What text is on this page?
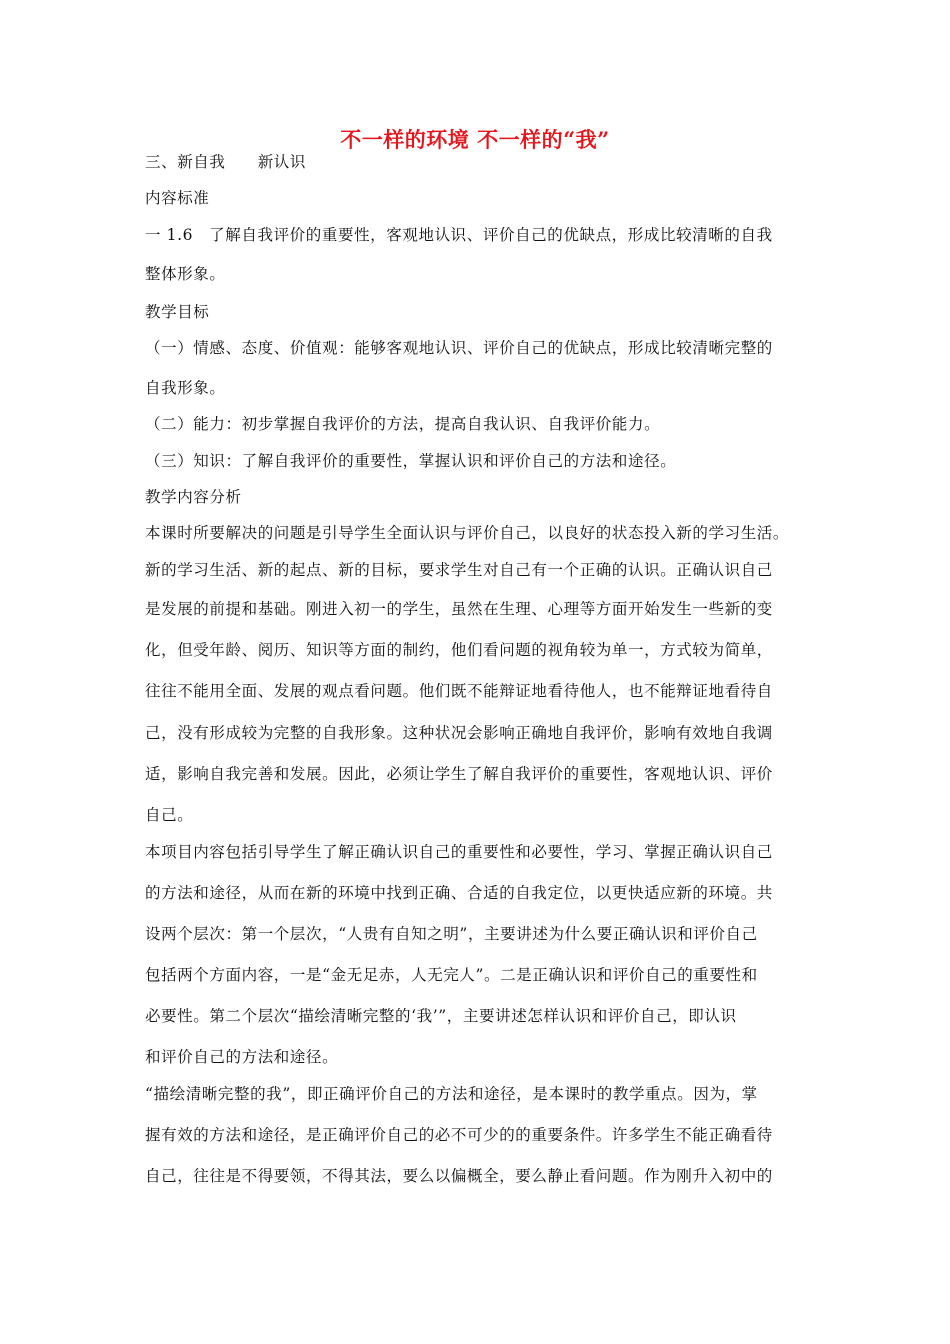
不一样的环境 不一样的“我”
三、新自我　　新认识
内容标准
一 1.6　了解自我评价的重要性，客观地认识、评价自己的优缺点，形成比较清晰的自我
整体形象。
教学目标
（一）情感、态度、价值观：能够客观地认识、评价自己的优缺点，形成比较清晰完整的
自我形象。
（二）能力：初步掌握自我评价的方法，提高自我认识、自我评价能力。
（三）知识：了解自我评价的重要性，掌握认识和评价自己的方法和途径。
教学内容分析
本课时所要解决的问题是引导学生全面认识与评价自己，以良好的状态投入新的学习生活。
新的学习生活、新的起点、新的目标，要求学生对自己有一个正确的认识。正确认识自己
是发展的前提和基础。刚进入初一的学生，虽然在生理、心理等方面开始发生一些新的变
化，但受年龄、阅历、知识等方面的制约，他们看问题的视角较为单一，方式较为简单，
往往不能用全面、发展的观点看问题。他们既不能辩证地看待他人，也不能辩证地看待自
己，没有形成较为完整的自我形象。这种状况会影响正确地自我评价，影响有效地自我调
适，影响自我完善和发展。因此，必须让学生了解自我评价的重要性，客观地认识、评价
自己。
本项目内容包括引导学生了解正确认识自己的重要性和必要性，学习、掌握正确认识自己
的方法和途径，从而在新的环境中找到正确、合适的自我定位，以更快适应新的环境。共
设两个层次：第一个层次，“人贵有自知之明”，主要讲述为什么要正确认识和评价自己
包括两个方面内容，一是“金无足赤，人无完人”。二是正确认识和评价自己的重要性和
必要性。第二个层次“描绘清晰完整的‘我’”，主要讲述怎样认识和评价自己，即认识
和评价自己的方法和途径。
“描绘清晰完整的我”，即正确评价自己的方法和途径，是本课时的教学重点。因为，掌
握有效的方法和途径，是正确评价自己的必不可少的的重要条件。许多学生不能正确看待
自己，往往是不得要领，不得其法，要么以偏概全，要么静止看问题。作为刚升入初中的
